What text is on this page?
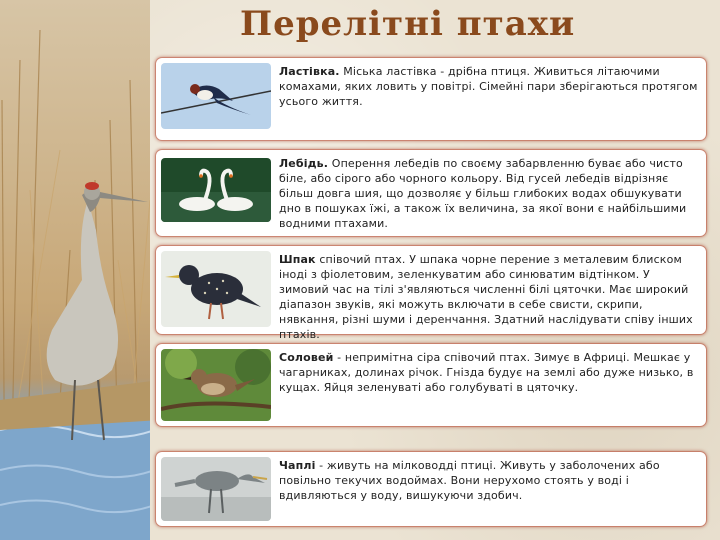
Перелітні птахи
Ластівка. Міська ластівка - дрібна птиця. Живиться літаючими комахами, яких ловить у повітрі. Сімейні пари зберігаються протягом усього життя.
Лебідь. Оперення лебедів по своєму забарвленню буває або чисто біле, або сірого або чорного кольору. Від гусей лебедів відрізняє більш довга шия, що дозволяє у більш глибоких водах обшукувати дно в пошуках їжі, а також їх величина, за якої вони є найбільшими водними птахами.
Шпак співочий птах. У шпака чорне перение з металевим блиском іноді з фіолетовим, зеленкуватим або синюватим відтінком. У зимовий час на тілі з'являються численні білі цяточки. Має широкий діапазон звуків, які можуть включати в себе свисти, скрипи, нявкання, різні шуми і деренчання. Здатний наслідувати співу інших птахів.
Соловей - непримітна сіра співочий птах. Зимує в Африці. Мешкає у чагарниках, долинах річок. Гнізда будує на землі або дуже низько, в кущах. Яйця зеленуваті або голубуваті в цяточку.
Чаплі - живуть на мілководді птиці. Живуть у заболочених або повільно текучих водоймах. Вони нерухомо стоять у воді і вдивляються у воду, вишукуючи здобич.
